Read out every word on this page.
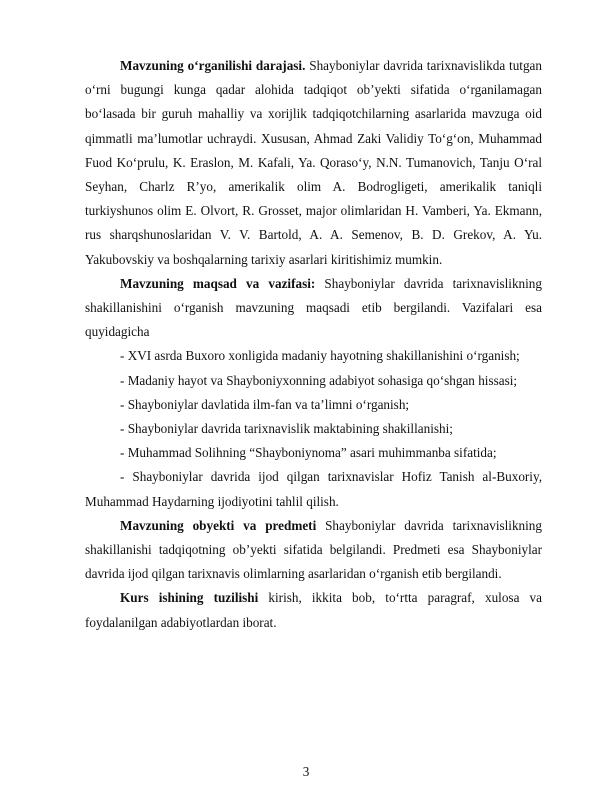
Mavzuning o‘rganilishi darajasi. Shayboniylar davrida tarixnavislikda tutgan o‘rni bugungi kunga qadar alohida tadqiqot ob’yekti sifatida o‘rganilamagan bo‘lasada bir guruh mahalliy va xorijlik tadqiqotchilarning asarlarida mavzuga oid qimmatli ma’lumotlar uchraydi. Xususan, Ahmad Zaki Validiy To‘g‘on, Muhammad Fuod Ko‘prulu, K. Eraslon, M. Kafali, Ya. Qoraso‘y, N.N. Tumanovich, Tanju O‘ral Seyhan, Charlz R’yo, amerikalik olim A. Bodrogligeti, amerikalik taniqli turkiyshunos olim E. Olvort, R. Grosset, major olimlaridan H. Vamberi, Ya. Ekmann, rus sharqshunoslaridan V. V. Bartold, A. A. Semenov, B. D. Grekov, A. Yu. Yakubovskiy va boshqalarning tarixiy asarlari kiritishimiz mumkin.

Mavzuning maqsad va vazifasi: Shayboniylar davrida tarixnavislikning shakillanishini o‘rganish mavzuning maqsadi etib bergilandi. Vazifalari esa quyidagicha

- XVI asrda Buxoro xonligida madaniy hayotning shakillanishini o‘rganish;

- Madaniy hayot va Shayboniyxonning adabiyot sohasiga qo‘shgan hissasi;

- Shayboniylar davlatida ilm-fan va ta’limni o‘rganish;

- Shayboniylar davrida tarixnavislik maktabining shakillanishi;

- Muhammad Solihning “Shayboniynoma” asari muhimmanba sifatida;

- Shayboniylar davrida ijod qilgan tarixnavislar Hofiz Tanish al-Buxoriy, Muhammad Haydarning ijodiyotini tahlil qilish.

Mavzuning obyekti va predmeti Shayboniylar davrida tarixnavislikning shakillanishi tadqiqotning ob’yekti sifatida belgilandi. Predmeti esa Shayboniylar davrida ijod qilgan tarixnavis olimlarning asarlaridan o‘rganish etib bergilandi.

Kurs ishining tuzilishi kirish, ikkita bob, to‘rtta paragraf, xulosa va foydalanilgan adabiyotlardan iborat.

3
